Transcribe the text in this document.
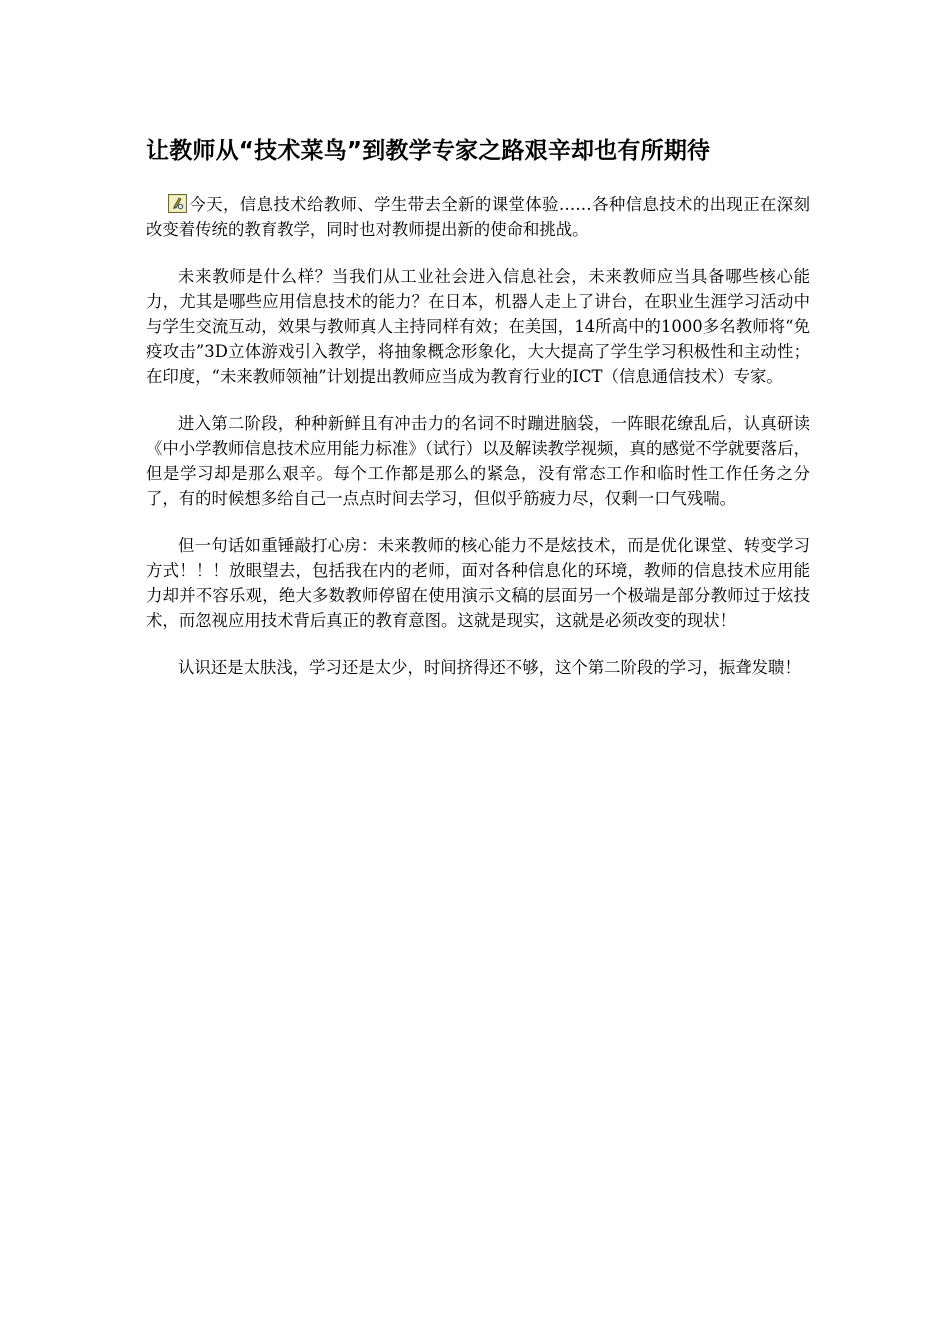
让教师从“技术菜鸟”到教学专家之路艰辛却也有所期待

今天，信息技术给教师、学生带去全新的课堂体验……各种信息技术的出现正在深刻改变着传统的教育教学，同时也对教师提出新的使命和挑战。

未来教师是什么样？当我们从工业社会进入信息社会，未来教师应当具备哪些核心能力，尤其是哪些应用信息技术的能力？在日本，机器人走上了讲台，在职业生涯学习活动中与学生交流互动，效果与教师真人主持同样有效；在美国，14所高中的1000多名教师将“免疫攻击”3D立体游戏引入教学，将抽象概念形象化，大大提高了学生学习积极性和主动性；在印度，“未来教师领袖”计划提出教师应当成为教育行业的ICT（信息通信技术）专家。

进入第二阶段，种种新鲜且有冲击力的名词不时蹦进脑袋，一阵眼花缭乱后，认真研读《中小学教师信息技术应用能力标准》（试行）以及解读教学视频，真的感觉不学就要落后，但是学习却是那么艰辛。每个工作都是那么的紧急，没有常态工作和临时性工作任务之分了，有的时候想多给自己一点点时间去学习，但似乎筋疲力尽，仅剩一口气残喘。

但一句话如重锤敲打心房：未来教师的核心能力不是炫技术，而是优化课堂、转变学习方式！！！放眼望去，包括我在内的老师，面对各种信息化的环境，教师的信息技术应用能力却并不容乐观，绝大多数教师停留在使用演示文稿的层面另一个极端是部分教师过于炫技术，而忽视应用技术背后真正的教育意图。这就是现实，这就是必须改变的现状！

认识还是太肤浅，学习还是太少，时间挤得还不够，这个第二阶段的学习，振聋发聩！
